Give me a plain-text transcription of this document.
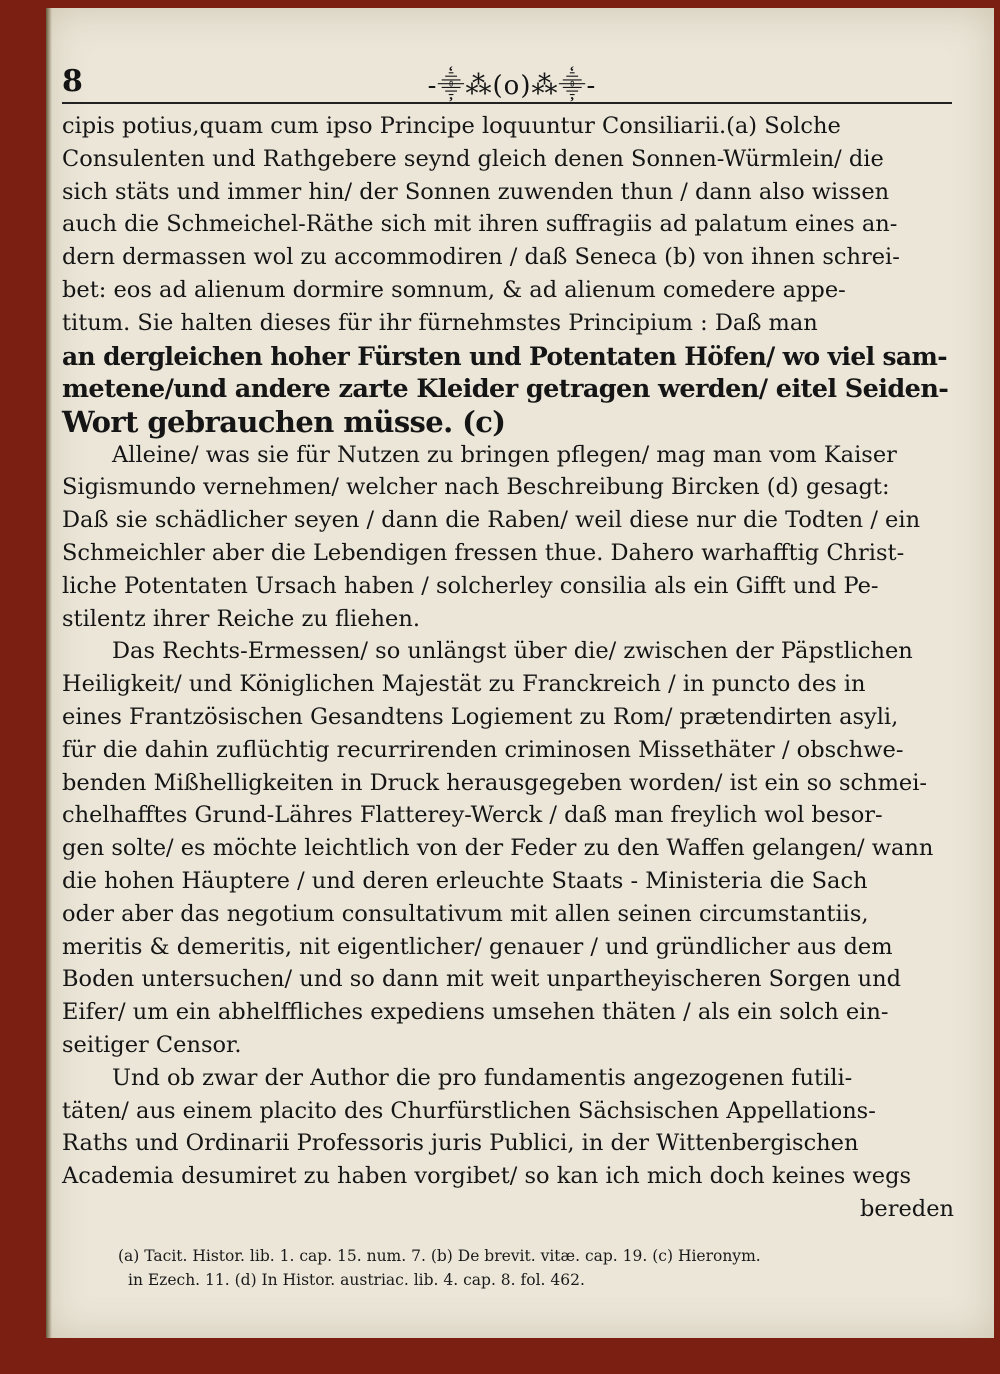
8	-⸎⁂(o)⁂⸎-
cipis potius,quam cum ipso Principe loquuntur Consiliarii.(a) Solche
Consulenten und Rathgebere seynd gleich denen Sonnen-Würmlein/ die
sich stäts und immer hin/ der Sonnen zuwenden thun / dann also wissen
auch die Schmeichel-Räthe sich mit ihren suffragiis ad palatum eines an-
dern dermassen wol zu accommodiren / daß Seneca (b) von ihnen schrei-
bet: eos ad alienum dormire somnum, & ad alienum comedere appe-
titum. Sie halten dieses für ihr fürnehmstes Principium : Daß man
an dergleichen hoher Fürsten und Potentaten Höfen/ wo viel sam-
metene/und andere zarte Kleider getragen werden/ eitel Seiden-
Wort gebrauchen müsse. (c)
Alleine/ was sie für Nutzen zu bringen pflegen/ mag man vom Kaiser
Sigismundo vernehmen/ welcher nach Beschreibung Bircken (d) gesagt:
Daß sie schädlicher seyen / dann die Raben/ weil diese nur die Todten / ein
Schmeichler aber die Lebendigen fressen thue. Dahero warhafftig Christ-
liche Potentaten Ursach haben / solcherley consilia als ein Gifft und Pe-
stilentz ihrer Reiche zu fliehen.
Das Rechts-Ermessen/ so unlängst über die/ zwischen der Päpstlichen
Heiligkeit/ und Königlichen Majestät zu Franckreich / in puncto des in
eines Frantzösischen Gesandtens Logiement zu Rom/ prætendirten asyli,
für die dahin zuflüchtig recurrirenden criminosen Missethäter / obschwe-
benden Mißhelligkeiten in Druck herausgegeben worden/ ist ein so schmei-
chelhafftes Grund-Lähres Flatterey-Werck / daß man freylich wol besor-
gen solte/ es möchte leichtlich von der Feder zu den Waffen gelangen/ wann
die hohen Häuptere / und deren erleuchte Staats - Ministeria die Sach
oder aber das negotium consultativum mit allen seinen circumstantiis,
meritis & demeritis, nit eigentlicher/ genauer / und gründlicher aus dem
Boden untersuchen/ und so dann mit weit unpartheyischeren Sorgen und
Eifer/ um ein abhelffliches expediens umsehen thäten / als ein solch ein-
seitiger Censor.
Und ob zwar der Author die pro fundamentis angezogenen futili-
täten/ aus einem placito des Churfürstlichen Sächsischen Appellations-
Raths und Ordinarii Professoris juris Publici, in der Wittenbergischen
Academia desumiret zu haben vorgibet/ so kan ich mich doch keines wegs
bereden
(a) Tacit. Histor. lib. 1. cap. 15. num. 7. (b) De brevit. vitæ. cap. 19. (c) Hieronym.
in Ezech. 11. (d) In Histor. austriac. lib. 4. cap. 8. fol. 462.
